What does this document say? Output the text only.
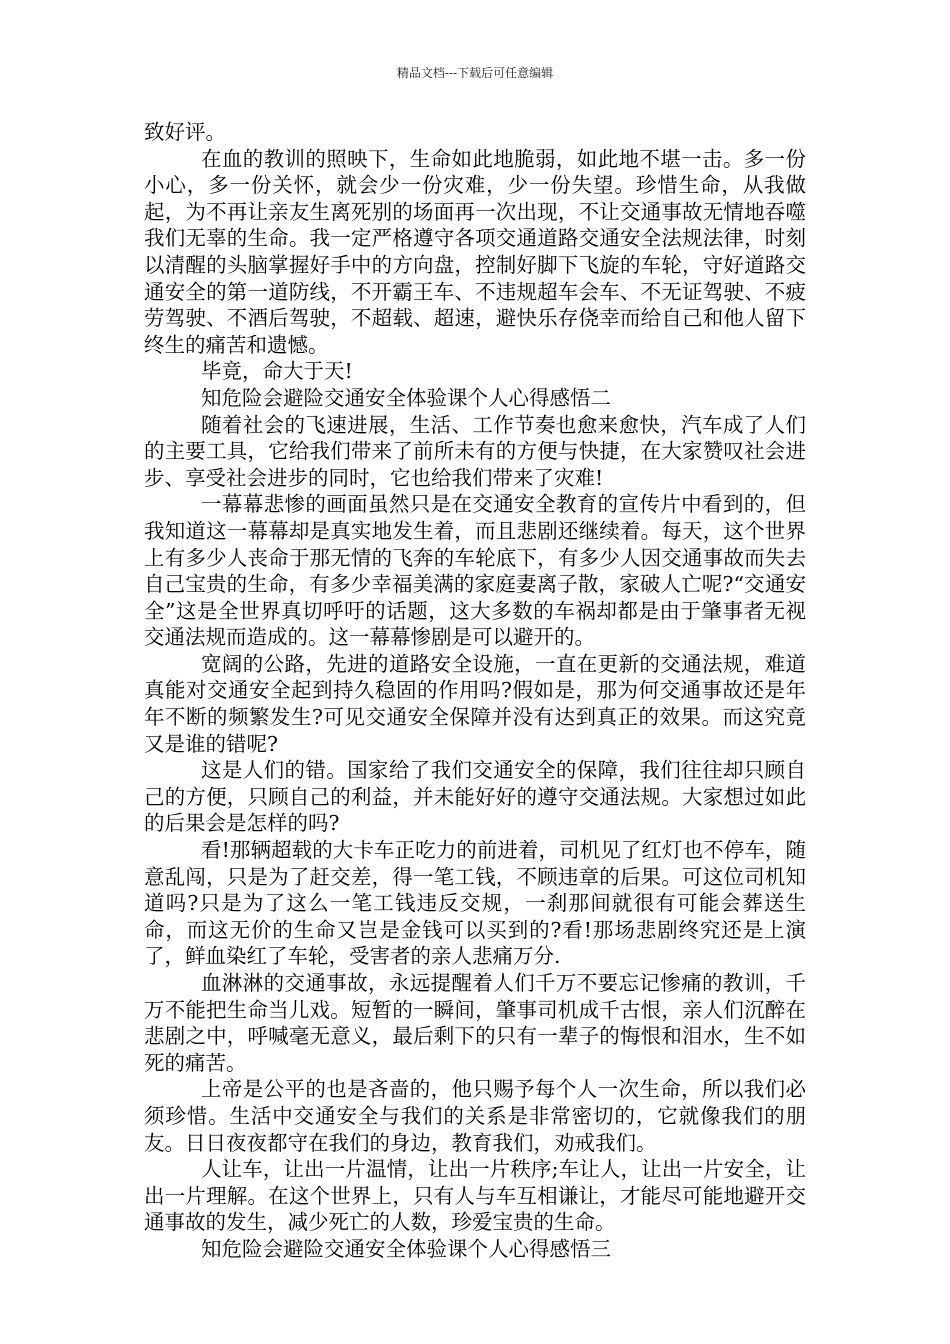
精品文档---下载后可任意编辑

致好评。

在血的教训的照映下，生命如此地脆弱，如此地不堪一击。多一份小心，多一份关怀，就会少一份灾难，少一份失望。珍惜生命，从我做起，为不再让亲友生离死别的场面再一次出现，不让交通事故无情地吞噬我们无辜的生命。我一定严格遵守各项交通道路交通安全法规法律，时刻以清醒的头脑掌握好手中的方向盘，控制好脚下飞旋的车轮，守好道路交通安全的第一道防线，不开霸王车、不违规超车会车、不无证驾驶、不疲劳驾驶、不酒后驾驶，不超载、超速，避快乐存侥幸而给自己和他人留下终生的痛苦和遗憾。

毕竟，命大于天!

知危险会避险交通安全体验课个人心得感悟二

随着社会的飞速进展，生活、工作节奏也愈来愈快，汽车成了人们的主要工具，它给我们带来了前所未有的方便与快捷，在大家赞叹社会进步、享受社会进步的同时，它也给我们带来了灾难!

一幕幕悲惨的画面虽然只是在交通安全教育的宣传片中看到的，但我知道这一幕幕却是真实地发生着，而且悲剧还继续着。每天，这个世界上有多少人丧命于那无情的飞奔的车轮底下，有多少人因交通事故而失去自己宝贵的生命，有多少幸福美满的家庭妻离子散，家破人亡呢?“交通安全”这是全世界真切呼吁的话题，这大多数的车祸却都是由于肇事者无视交通法规而造成的。这一幕幕惨剧是可以避开的。

宽阔的公路，先进的道路安全设施，一直在更新的交通法规，难道真能对交通安全起到持久稳固的作用吗?假如是，那为何交通事故还是年年不断的频繁发生?可见交通安全保障并没有达到真正的效果。而这究竟又是谁的错呢?

这是人们的错。国家给了我们交通安全的保障，我们往往却只顾自己的方便，只顾自己的利益，并未能好好的遵守交通法规。大家想过如此的后果会是怎样的吗?

看!那辆超载的大卡车正吃力的前进着，司机见了红灯也不停车，随意乱闯，只是为了赶交差，得一笔工钱，不顾违章的后果。可这位司机知道吗?只是为了这么一笔工钱违反交规，一刹那间就很有可能会葬送生命，而这无价的生命又岂是金钱可以买到的?看!那场悲剧终究还是上演了，鲜血染红了车轮，受害者的亲人悲痛万分.

血淋淋的交通事故，永远提醒着人们千万不要忘记惨痛的教训，千万不能把生命当儿戏。短暂的一瞬间，肇事司机成千古恨，亲人们沉醉在悲剧之中，呼喊毫无意义，最后剩下的只有一辈子的悔恨和泪水，生不如死的痛苦。

上帝是公平的也是吝啬的，他只赐予每个人一次生命，所以我们必须珍惜。生活中交通安全与我们的关系是非常密切的，它就像我们的朋友。日日夜夜都守在我们的身边，教育我们，劝戒我们。

人让车，让出一片温情，让出一片秩序;车让人，让出一片安全，让出一片理解。在这个世界上，只有人与车互相谦让，才能尽可能地避开交通事故的发生，减少死亡的人数，珍爱宝贵的生命。

知危险会避险交通安全体验课个人心得感悟三
